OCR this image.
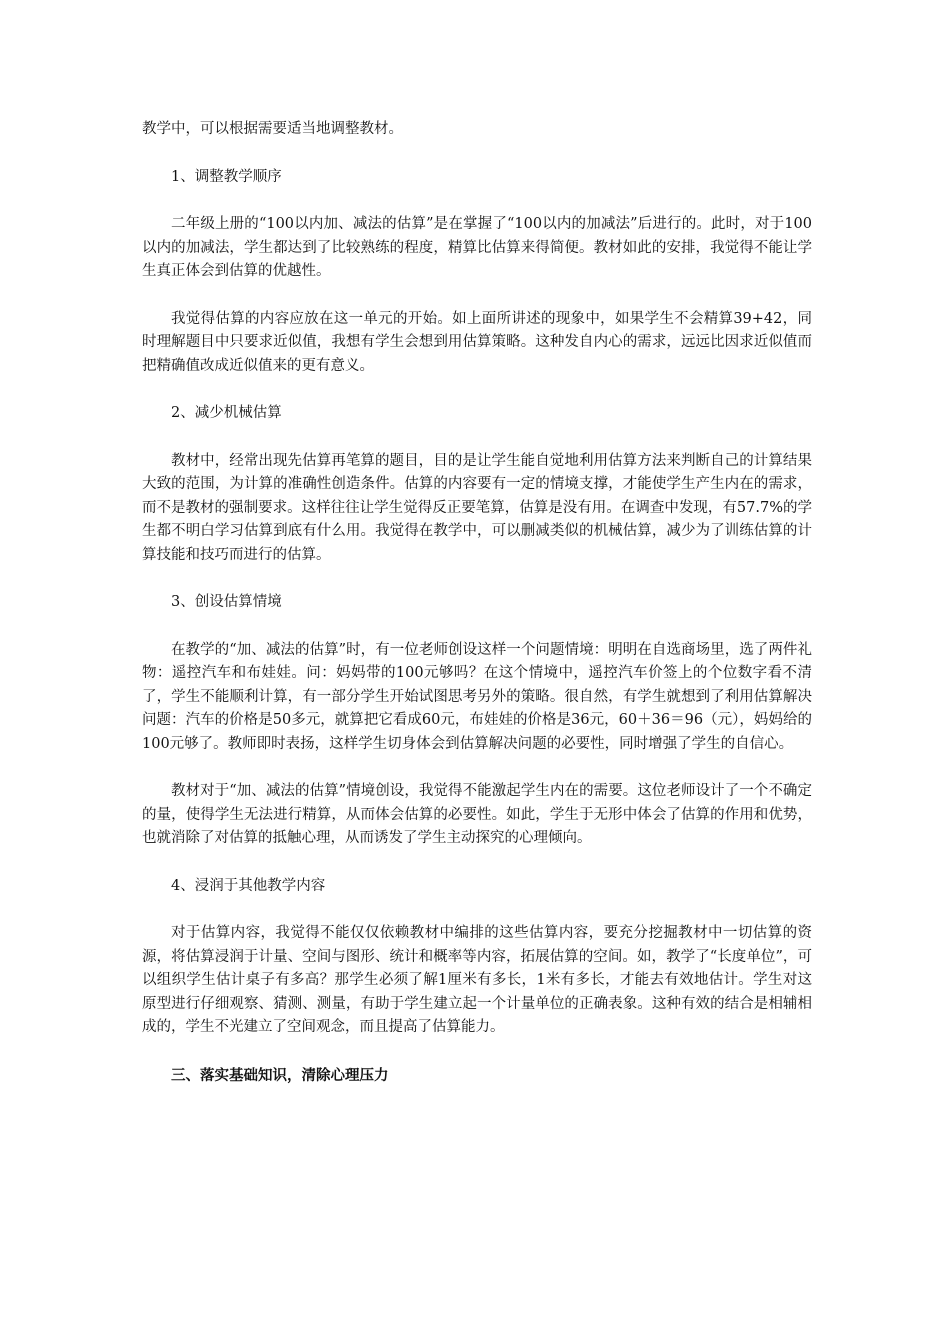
教学中，可以根据需要适当地调整教材。

1、调整教学顺序

二年级上册的“100以内加、减法的估算”是在掌握了“100以内的加减法”后进行的。此时，对于100以内的加减法，学生都达到了比较熟练的程度，精算比估算来得简便。教材如此的安排，我觉得不能让学生真正体会到估算的优越性。

我觉得估算的内容应放在这一单元的开始。如上面所讲述的现象中，如果学生不会精算39+42，同时理解题目中只要求近似值，我想有学生会想到用估算策略。这种发自内心的需求，远远比因求近似值而把精确值改成近似值来的更有意义。

2、减少机械估算

教材中，经常出现先估算再笔算的题目，目的是让学生能自觉地利用估算方法来判断自己的计算结果大致的范围，为计算的准确性创造条件。估算的内容要有一定的情境支撑，才能使学生产生内在的需求，而不是教材的强制要求。这样往往让学生觉得反正要笔算，估算是没有用。在调查中发现，有57.7%的学生都不明白学习估算到底有什么用。我觉得在教学中，可以删减类似的机械估算，减少为了训练估算的计算技能和技巧而进行的估算。

3、创设估算情境

在教学的“加、减法的估算”时，有一位老师创设这样一个问题情境：明明在自选商场里，选了两件礼物：遥控汽车和布娃娃。问：妈妈带的100元够吗？在这个情境中，遥控汽车价签上的个位数字看不清了，学生不能顺利计算，有一部分学生开始试图思考另外的策略。很自然，有学生就想到了利用估算解决问题：汽车的价格是50多元，就算把它看成60元，布娃娃的价格是36元，60＋36＝96（元），妈妈给的100元够了。教师即时表扬，这样学生切身体会到估算解决问题的必要性，同时增强了学生的自信心。

教材对于“加、减法的估算”情境创设，我觉得不能激起学生内在的需要。这位老师设计了一个不确定的量，使得学生无法进行精算，从而体会估算的必要性。如此，学生于无形中体会了估算的作用和优势，也就消除了对估算的抵触心理，从而诱发了学生主动探究的心理倾向。

4、浸润于其他教学内容

对于估算内容，我觉得不能仅仅依赖教材中编排的这些估算内容，要充分挖掘教材中一切估算的资源，将估算浸润于计量、空间与图形、统计和概率等内容，拓展估算的空间。如，教学了“长度单位”，可以组织学生估计桌子有多高？那学生必须了解1厘米有多长，1米有多长，才能去有效地估计。学生对这原型进行仔细观察、猜测、测量，有助于学生建立起一个计量单位的正确表象。这种有效的结合是相辅相成的，学生不光建立了空间观念，而且提高了估算能力。

三、落实基础知识，清除心理压力
